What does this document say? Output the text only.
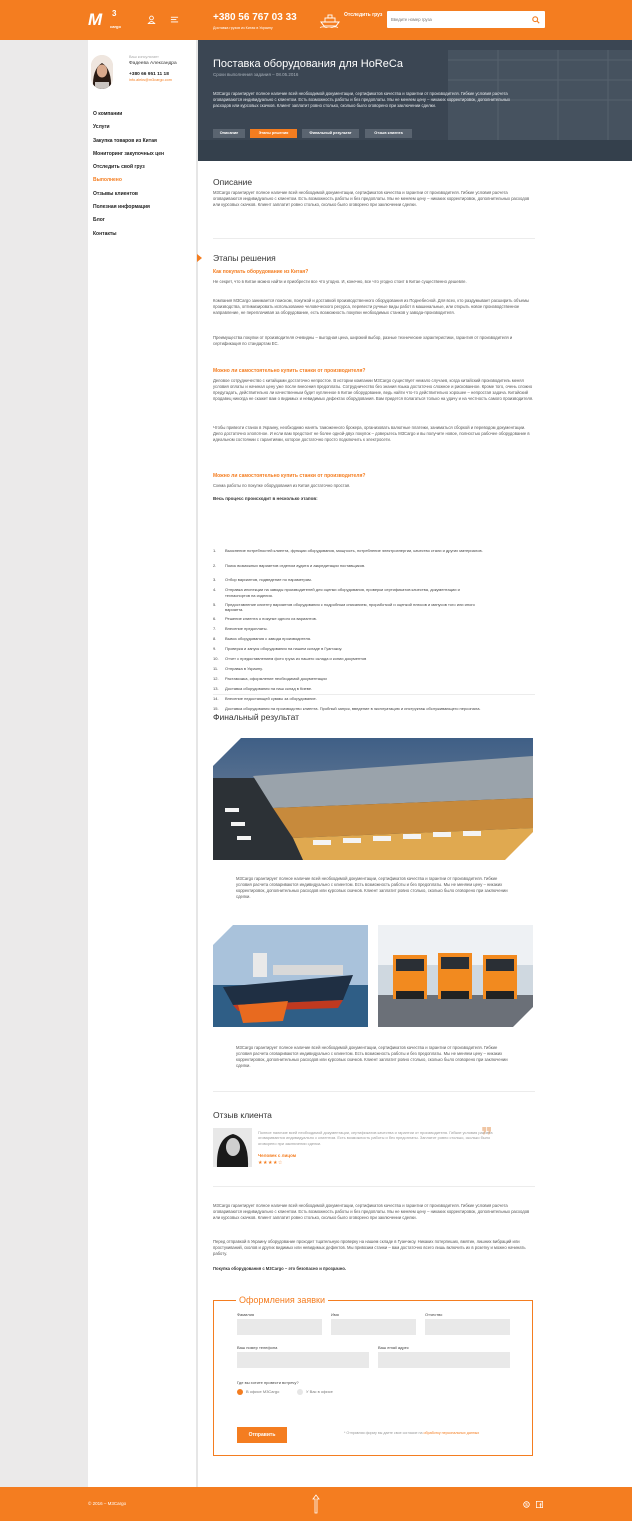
M 3
cargo
+380 56 767 03 33
Доставка грузов из Китая в Украину
Отследить груз
Введите номер груза
Ваш консультант
Фадеева Александра
+380 66 951 11 18
info.aleks@m3cargo.com
О компании
Услуги
Закупка товаров из Китая
Мониторинг закупочных цен
Отследить свой груз
Выполнено
Отзывы клиентов
Полезная информация
Блог
Контакты
Поставка оборудования для HoReCa
Сроки выполнения задания – 08.05.2016
M3Cargo гарантирует полное наличие всей необходимой документации, сертификатов качества и гарантии от производителя. Гибкие условия расчета оговариваются индивидуально с клиентом. Есть возможность работы и без предоплаты. Мы не меняем цену – никаких корректировок, дополнительных расходов или курсовых скачков. Клиент заплатит ровно столько, сколько было оговорено при заключении сделки.
Описание	Этапы решения	Финальный результат	Отзыв клиента
Описание
M3Cargo гарантирует полное наличие всей необходимой документации, сертификатов качества и гарантии от производителя. Гибкие условия расчета оговариваются индивидуально с клиентом. Есть возможность работы и без предоплаты. Мы не меняем цену – никаких корректировок, дополнительных расходов или курсовых скачков. Клиент заплатит ровно столько, сколько было оговорено при заключении сделки.
Этапы решения
Как покупать оборудование из Китая?
Не секрет, что в Китае можно найти и приобрести все что угодно. И, конечно, все что угодно стоит в Китае существенно дешевле.
Компания М3Cargo занимается поиском, покупкой и доставкой производственного оборудования из Поднебесной. Для всех, кто раздумывает расширить объемы производства, оптимизировать использование человеческого ресурса, перевести ручные виды работ в машинальные, или открыть новое производственное направление, не переплачивая за оборудование, есть возможность покупки необходимых станков у завода-производителя.
Преимущества покупки от производителя очевидны – выгодная цена, широкий выбор, разные технические характеристики, гарантия от производителя и сертификация по стандартам ЕС.
Можно ли самостоятельно купить станки от производителя?
Деловое сотрудничество с китайцами достаточно непростое. В истории компании М3Cargo существует немало случаев, когда китайский производитель менял условия оплаты и начинал цену уже после внесения предоплаты. Сотрудничество без знания языка достаточно сложное и рискованное. Кроме того, очень сложно предугадать, действительно ли качественным будет купленное в Китае оборудование, ведь найти что-то действительно хорошее – непростая задача. Китайский продавец никогда не скажет вам о видимых и невидимых дефектах оборудования. Вам придется полагаться только на удачу и на честность самого производителя.
Чтобы привезти станок в Украину, необходимо нанять таможенного брокера, организовать валютные платежи, заниматься сборкой и переводом документации. Дело достаточно хлопотное. И если вам предстоит не более одной-двух покупок – доверьтесь M3Cargo и вы получите новое, полностью рабочее оборудование в идеальном состоянии с гарантиями, которое достаточно просто подключить к электросети.
Можно ли самостоятельно купить станки от производителя?
Схема работы по покупке оборудования из Китая достаточно простая.
Весь процесс происходит в несколько этапов:
1.	Выяснение потребностей клиента, функции оборудования, мощность, потребление электроэнергии, качество стали и других материалов.
2.	Поиск возможных вариантов отделом аудита и аккредитации поставщиков.
3.	Отбор вариантов, подведение по параметрам.
4.	Отправка инспекции на заводы производителей для оценки оборудования, проверки сертификатов качества, документации и техпаспортов на изделия.
5.	Предоставление клиенту вариантов оборудования с подробным описанием, проработкой и оценкой плюсов и минусов того или иного варианта.
6.	Решение клиента о покупке одного из вариантов.
7.	Внесение предоплаты.
8.	Вывоз оборудования с завода производителя.
9.	Проверка и запуск оборудования на нашем складе в Гуанчжоу.
10.	Отчет с предоставлением фото груза из нашего склада и копии документов
11.	Отправка в Украину.
12.	Растаможка, оформление необходимой документации
13.	Доставка оборудования на наш склад в Киеве.
14.	Внесение недостающей суммы за оборудование.
15.	Доставка оборудования на производство клиента. Пробный запуск, введение в эксплуатацию и инструктаж обслуживающего персонала.
Финальный результат
M3Cargo гарантирует полное наличие всей необходимой документации, сертификатов качества и гарантии от производителя. Гибкие условия расчета оговариваются индивидуально с клиентом. Есть возможность работы и без предоплаты. Мы не меняем цену – никаких корректировок, дополнительных расходов или курсовых скачков. Клиент заплатит ровно столько, сколько было оговорено при заключении сделки.
M3Cargo гарантирует полное наличие всей необходимой документации, сертификатов качества и гарантии от производителя. Гибкие условия расчета оговариваются индивидуально с клиентом. Есть возможность работы и без предоплаты. Мы не меняем цену – никаких корректировок, дополнительных расходов или курсовых скачков. Клиент заплатит ровно столько, сколько было оговорено при заключении сделки.
Отзыв клиента
❞
Полное наличие всей необходимой документации, сертификатов качества и гарантии от производителя. Гибкие условия расчета оговариваются индивидуально с клиентом. Есть возможность работы и без предоплаты. Заплатит ровно столько, сколько было оговорено при заключении сделки.
Человек с лицом
★★★★☆
M3Cargo гарантирует полное наличие всей необходимой документации, сертификатов качества и гарантии от производителя. Гибкие условия расчета оговариваются индивидуально с клиентом. Есть возможность работы и без предоплаты. Мы не меняем цену – никаких корректировок, дополнительных расходов или курсовых скачков. Клиент заплатит ровно столько, сколько было оговорено при заключении сделки.
Перед отправкой в Украину оборудование проходит тщательную проверку на нашем складе в Гуанчжоу. Никаких потерпеших, вмятин, лишних вибраций или простукиваний, сколов и других видимых или невидимых дефектов. Мы привозим станки – вам достаточно всего лишь включить их в розетку и можно начинать работу.
Покупка оборудования с M3Cargo – это безопасно и прозрачно.
Оформления заявки
Фамилия	Имя	Отчество
Ваш номер телефона	Ваш email адрес
Где вы хотите провести встречу?
В офисе M3Cargo	У Вас в офисе
Отправить	* Отправляя форму вы даете свое согласие на обработку персональных данных
© 2016 – M3Cargo
